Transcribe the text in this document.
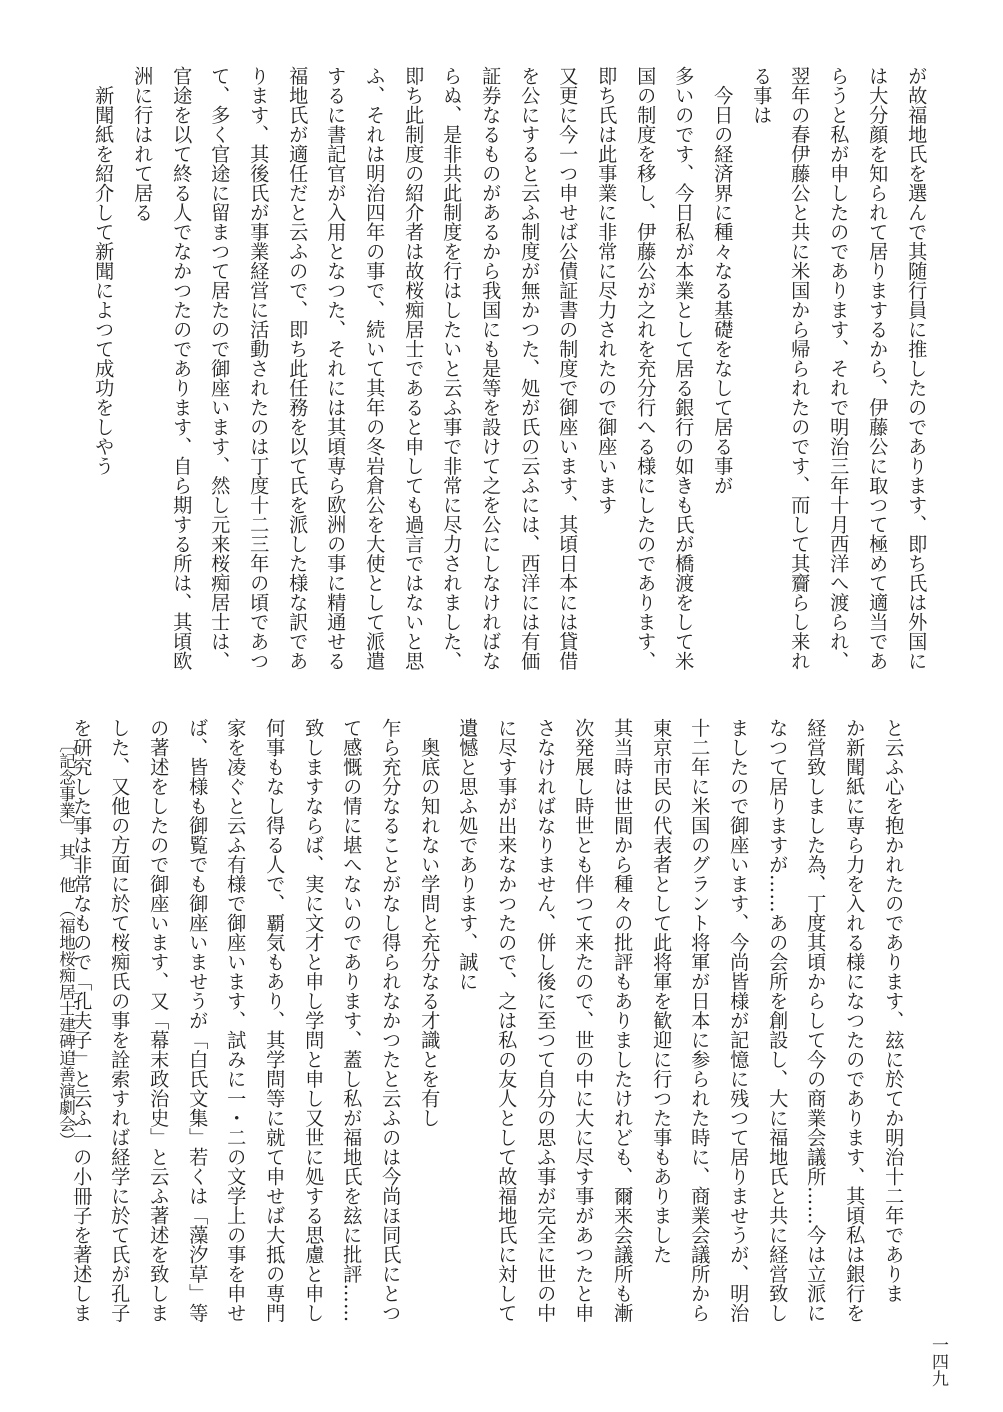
が故福地氏を選んで其随行員に推したのであります、即ち氏は外国に
は大分顔を知られて居りまするから、伊藤公に取つて極めて適当であ
らうと私が申したのであります、それで明治三年十月西洋へ渡られ、
翌年の春伊藤公と共に米国から帰られたのです、而して其齎らし来れ
る事は
　今日の経済界に種々なる基礎をなして居る事が
多いのです、今日私が本業として居る銀行の如きも氏が橋渡をして米
国の制度を移し、伊藤公が之れを充分行へる様にしたのであります、
即ち氏は此事業に非常に尽力されたので御座います
又更に今一つ申せば公債証書の制度で御座います、其頃日本には貸借
を公にすると云ふ制度が無かつた、処が氏の云ふには、西洋には有価
証券なるものがあるから我国にも是等を設けて之を公にしなければな
らぬ、是非共此制度を行はしたいと云ふ事で非常に尽力されました、
即ち此制度の紹介者は故桜痴居士であると申しても過言ではないと思
ふ、それは明治四年の事で、続いて其年の冬岩倉公を大使として派遣
するに書記官が入用となつた、それには其頃専ら欧洲の事に精通せる
福地氏が適任だと云ふので、即ち此任務を以て氏を派した様な訳であ
ります、其後氏が事業経営に活動されたのは丁度十二三年の頃であつ
て、多く官途に留まつて居たので御座います、然し元来桜痴居士は、
官途を以て終る人でなかつたのであります、自ら期する所は、其頃欧
洲に行はれて居る
　新聞紙を紹介して新聞によつて成功をしやう
〔記念事業〕　其　他　（福地桜痴居士建碑追善演劇会）	と云ふ心を抱かれたのであります、玆に於てか明治十二年でありま
か新聞紙に専ら力を入れる様になつたのであります、其頃私は銀行を
経営致しました為、丁度其頃からして今の商業会議所……今は立派に
なつて居りますが……あの会所を創設し、大に福地氏と共に経営致し
ましたので御座います、今尚皆様が記憶に残つて居りませうが、明治
十二年に米国のグラント将軍が日本に参られた時に、商業会議所から
東京市民の代表者として此将軍を歓迎に行つた事もありました
其当時は世間から種々の批評もありましたけれども、爾来会議所も漸
次発展し時世とも伴つて来たので、世の中に大に尽す事があつたと申
さなければなりません、併し後に至つて自分の思ふ事が完全に世の中
に尽す事が出来なかつたので、之は私の友人として故福地氏に対して
遺憾と思ふ処であります、誠に
　奥底の知れない学問と充分なる才識とを有し
乍ら充分なることがなし得られなかつたと云ふのは今尚ほ同氏にとつ
て感慨の情に堪へないのであります、蓋し私が福地氏を玆に批評……
致しますならば、実に文才と申し学問と申し又世に処する思慮と申し
何事もなし得る人で、覇気もあり、其学問等に就て申せば大抵の専門
家を凌ぐと云ふ有様で御座います、試みに一・二の文学上の事を申せ
ば、皆様も御覧でも御座いませうが「白氏文集」若くは「藻汐草」等
の著述をしたので御座います、又「幕末政治史」と云ふ著述を致しま
した、又他の方面に於て桜痴氏の事を詮索すれば経学に於て氏が孔子
を研究した事は非常なもので「孔夫子」と云ふ一の小冊子を著述しま
一四九
